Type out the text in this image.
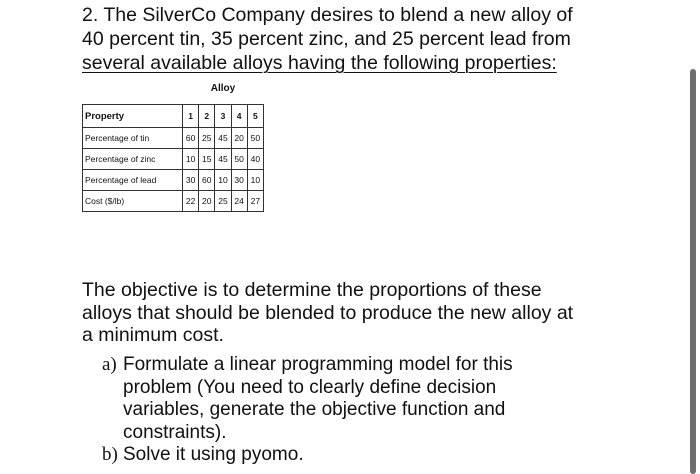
2. The SilverCo Company desires to blend a new alloy of
40 percent tin, 35 percent zinc, and 25 percent lead from
several available alloys having the following properties:
Alloy
Property	1	2	3	4	5
Percentage of tin	60	25	45	20	50
Percentage of zinc	10	15	45	50	40
Percentage of lead	30	60	10	30	10
Cost ($/lb)	22	20	25	24	27
The objective is to determine the proportions of these
alloys that should be blended to produce the new alloy at
a minimum cost.
a) Formulate a linear programming model for this
problem (You need to clearly define decision
variables, generate the objective function and
constraints).
b) Solve it using pyomo.
